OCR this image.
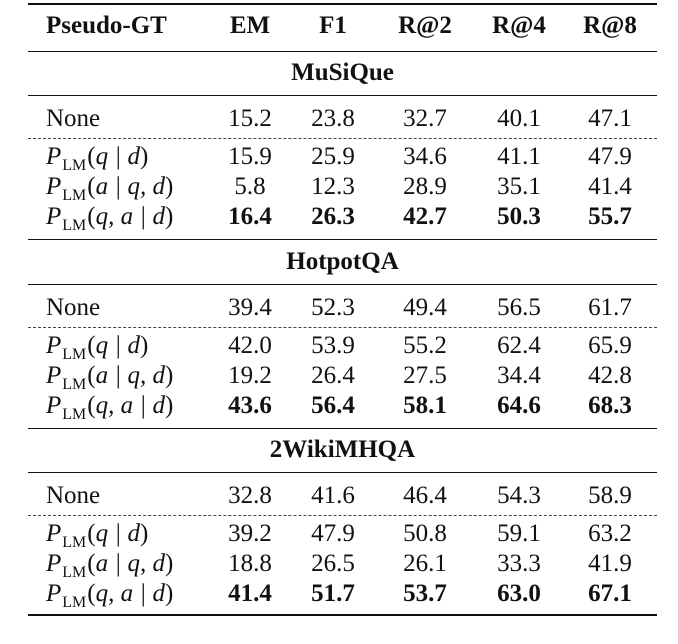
Pseudo-GT	EM	F1	R@2	R@4	R@8
MuSiQue
None	15.2	23.8	32.7	40.1	47.1
$P_{LM}(q$ | d)	15.9	25.9	34.6	41.1	47.9
$P_{LM}(a$ | q, d)	5.8	12.3	28.9	35.1	41.4
$P_{LM}(q$, a | d)	16.4	26.3	42.7	50.3	55.7
HotpotQA
None	39.4	52.3	49.4	56.5	61.7
$P_{LM}(q$ | d)	42.0	53.9	55.2	62.4	65.9
$P_{LM}(a$ | q, d)	19.2	26.4	27.5	34.4	42.8
$P_{LM}(q$, a | d)	43.6	56.4	58.1	64.6	68.3
2WikiMHQA
None	32.8	41.6	46.4	54.3	58.9
$P_{LM}(q$ | d)	39.2	47.9	50.8	59.1	63.2
$P_{LM}(a$ | q, d)	18.8	26.5	26.1	33.3	41.9
$P_{LM}(q$, a | d)	41.4	51.7	53.7	63.0	67.1
